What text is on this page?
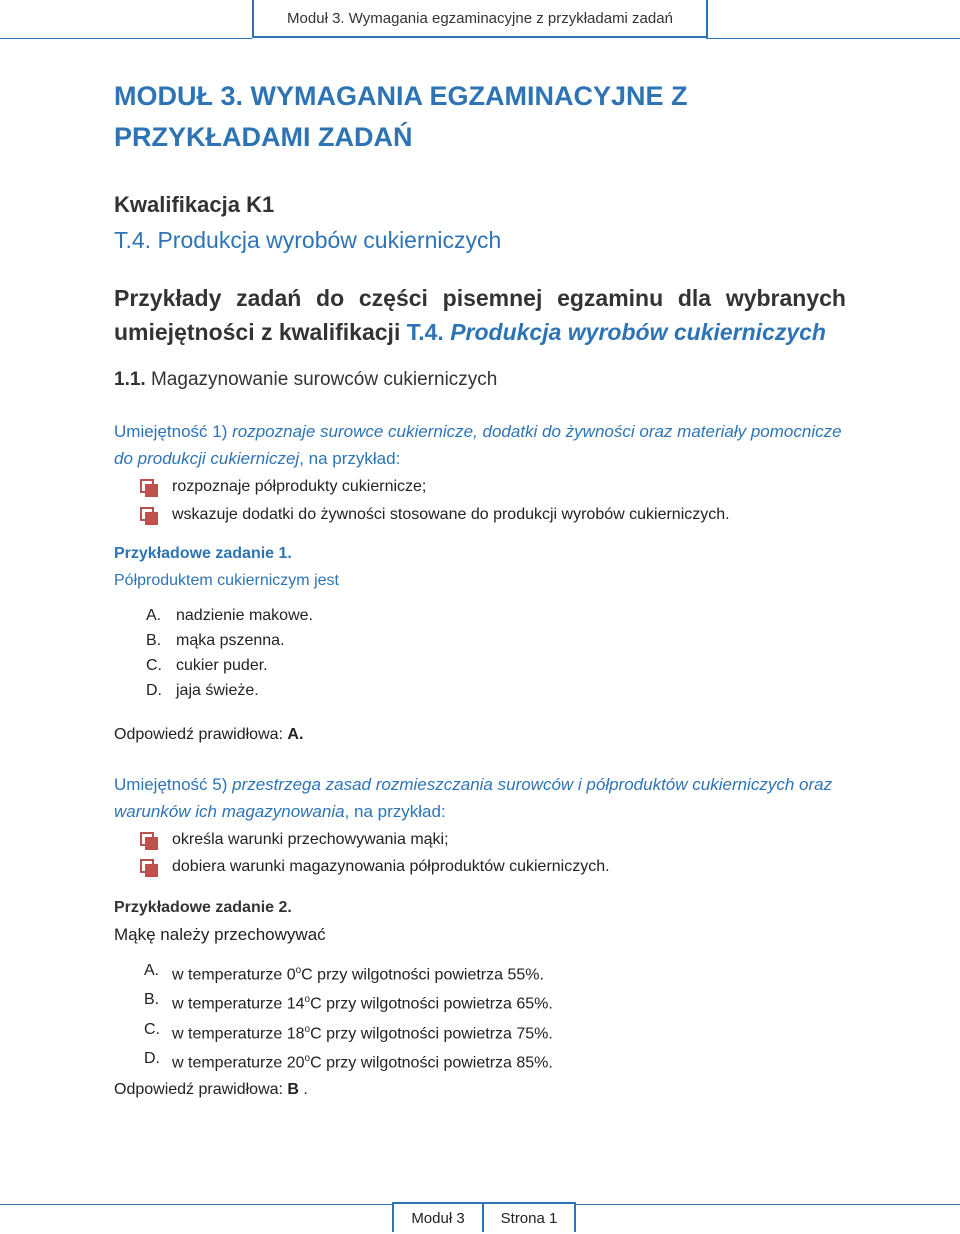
Moduł 3. Wymagania egzaminacyjne z przykładami zadań
MODUŁ 3. WYMAGANIA EGZAMINACYJNE Z PRZYKŁADAMI ZADAŃ
Kwalifikacja K1
T.4. Produkcja wyrobów cukierniczych
Przykłady zadań do części pisemnej egzaminu dla wybranych umiejętności z kwalifikacji T.4. Produkcja wyrobów cukierniczych
1.1. Magazynowanie surowców cukierniczych
Umiejętność 1) rozpoznaje surowce cukiernicze, dodatki do żywności oraz materiały pomocnicze do produkcji cukierniczej, na przykład:
rozpoznaje półprodukty cukiernicze;
wskazuje dodatki do żywności stosowane do produkcji wyrobów cukierniczych.
Przykładowe zadanie 1.
Półproduktem cukierniczym jest
A. nadzienie makowe.
B. mąka pszenna.
C. cukier puder.
D. jaja świeże.
Odpowiedź prawidłowa: A.
Umiejętność 5) przestrzega zasad rozmieszczania surowców i półproduktów cukierniczych oraz warunków ich magazynowania, na przykład:
określa warunki przechowywania mąki;
dobiera warunki magazynowania półproduktów cukierniczych.
Przykładowe zadanie 2.
Mąkę należy przechowywać
A. w temperaturze 0$^o$C przy wilgotności powietrza 55%.
B. w temperaturze 14$^o$C przy wilgotności powietrza 65%.
C. w temperaturze 18$^o$C przy wilgotności powietrza 75%.
D. w temperaturze 20$^o$C przy wilgotności powietrza 85%.
Odpowiedź prawidłowa: B .
Moduł 3	Strona 1
